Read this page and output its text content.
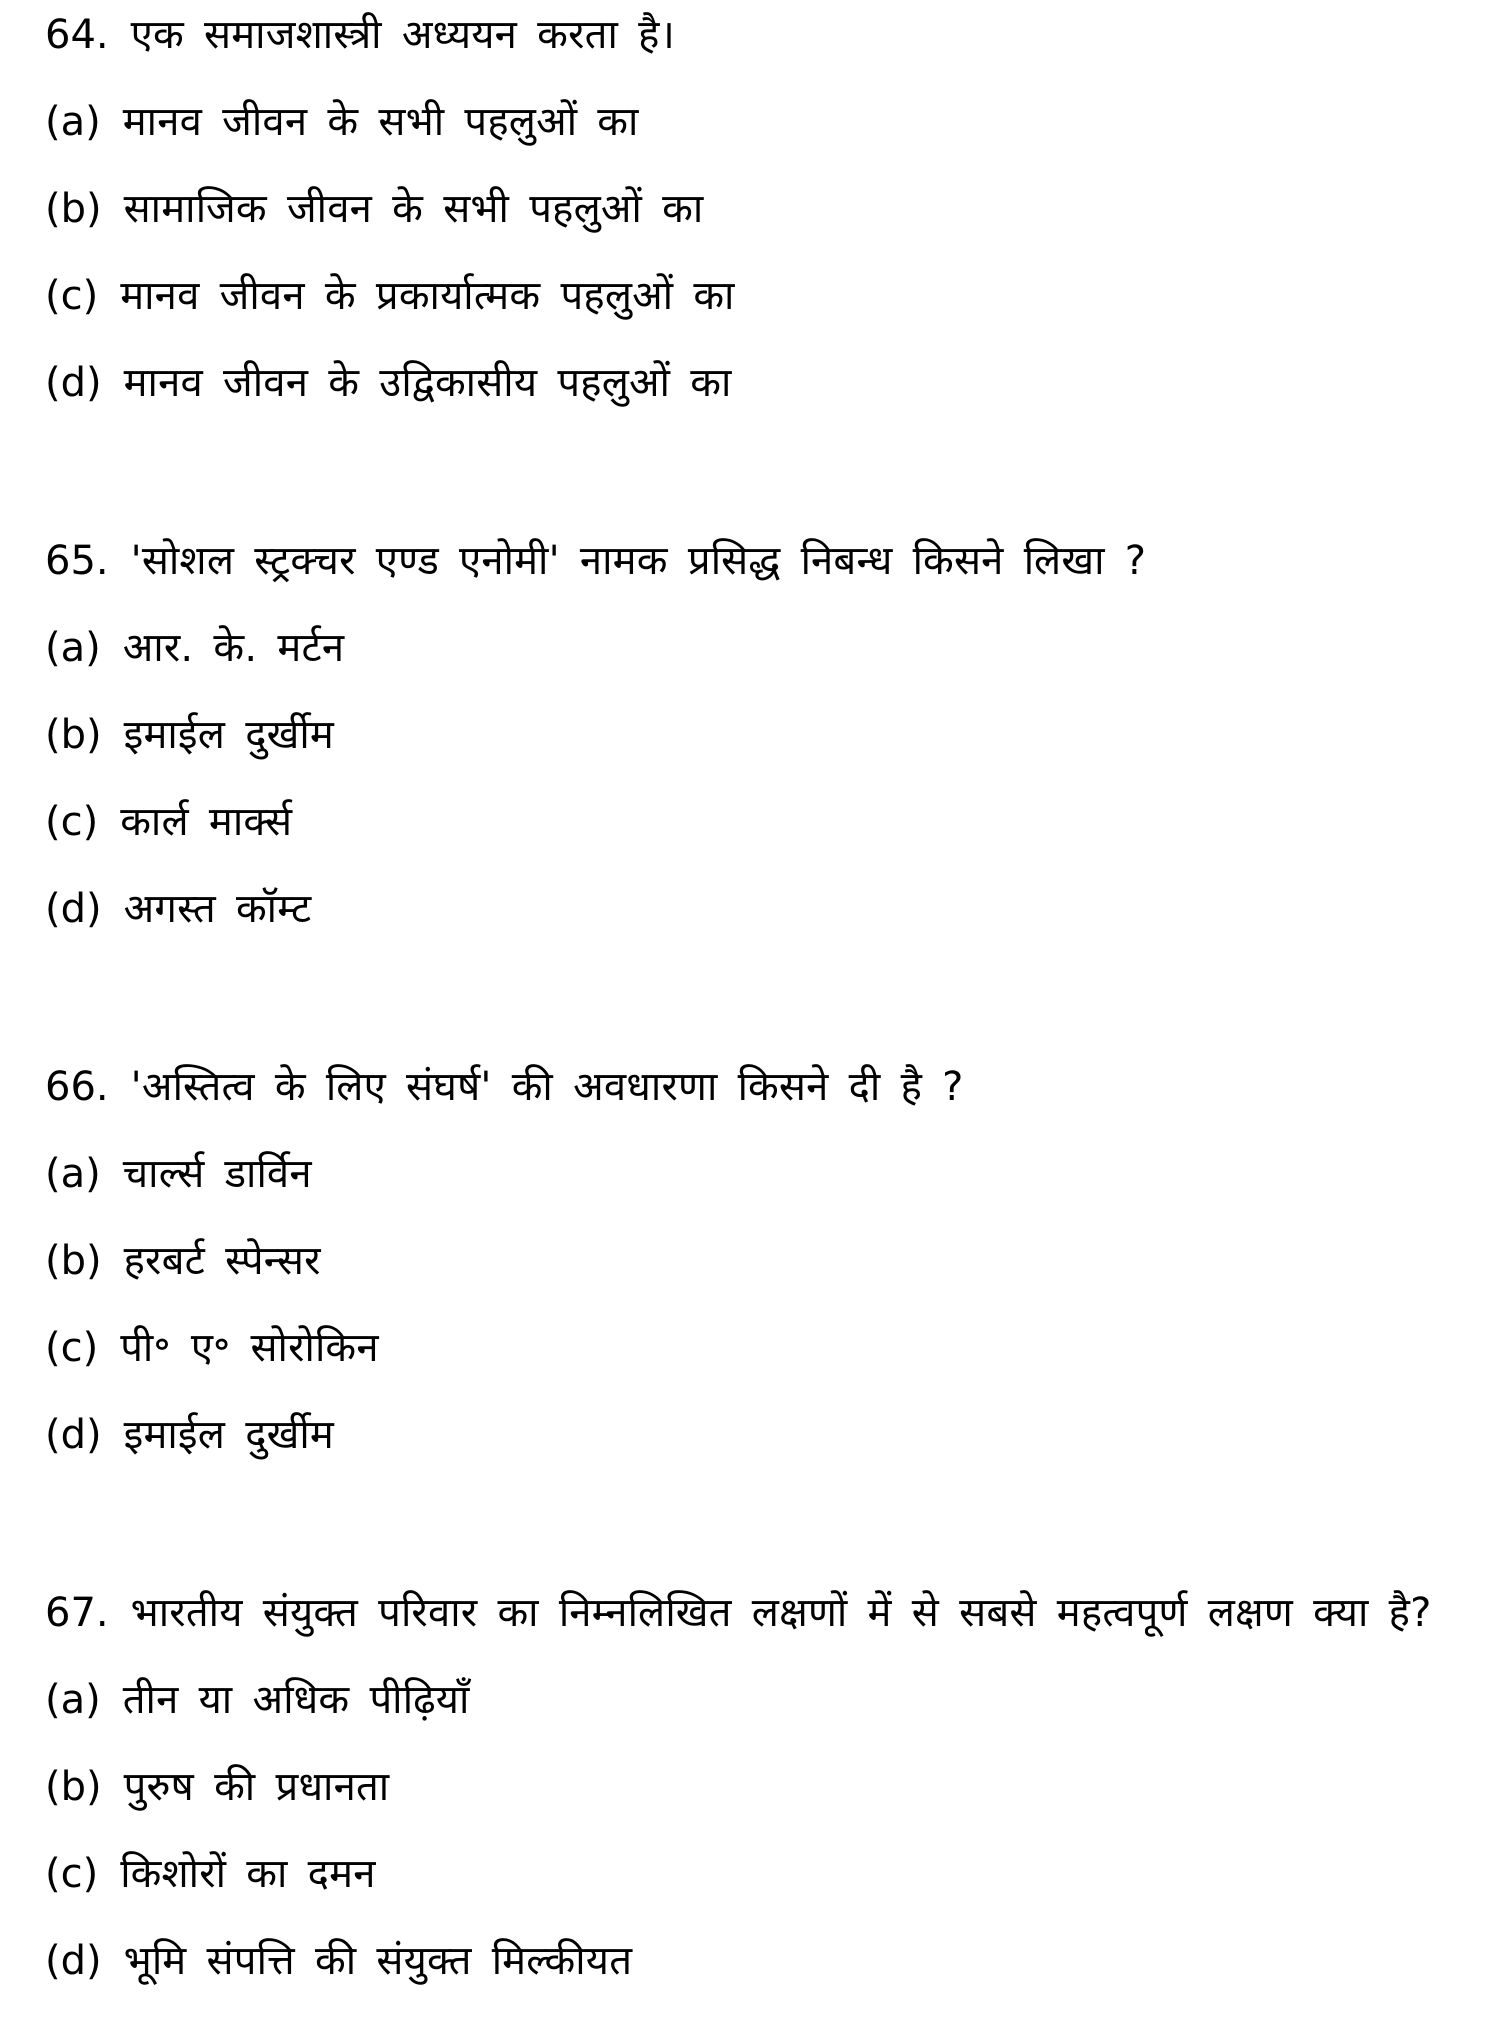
64. एक समाजशास्त्री अध्ययन करता है।

(a) मानव जीवन के सभी पहलुओं का

(b) सामाजिक जीवन के सभी पहलुओं का

(c) मानव जीवन के प्रकार्यात्मक पहलुओं का

(d) मानव जीवन के उद्विकासीय पहलुओं का

65. 'सोशल स्ट्रक्चर एण्ड एनोमी' नामक प्रसिद्ध निबन्ध किसने लिखा ?

(a) आर. के. मर्टन

(b) इमाईल दुर्खीम

(c) कार्ल मार्क्स

(d) अगस्त कॉम्ट

66. 'अस्तित्व के लिए संघर्ष' की अवधारणा किसने दी है ?

(a) चार्ल्स डार्विन

(b) हरबर्ट स्पेन्सर

(c) पी॰ ए॰ सोरोकिन

(d) इमाईल दुर्खीम

67. भारतीय संयुक्त परिवार का निम्नलिखित लक्षणों में से सबसे महत्वपूर्ण लक्षण क्या है?

(a) तीन या अधिक पीढ़ियाँ

(b) पुरुष की प्रधानता

(c) किशोरों का दमन

(d) भूमि संपत्ति की संयुक्त मिल्कीयत
